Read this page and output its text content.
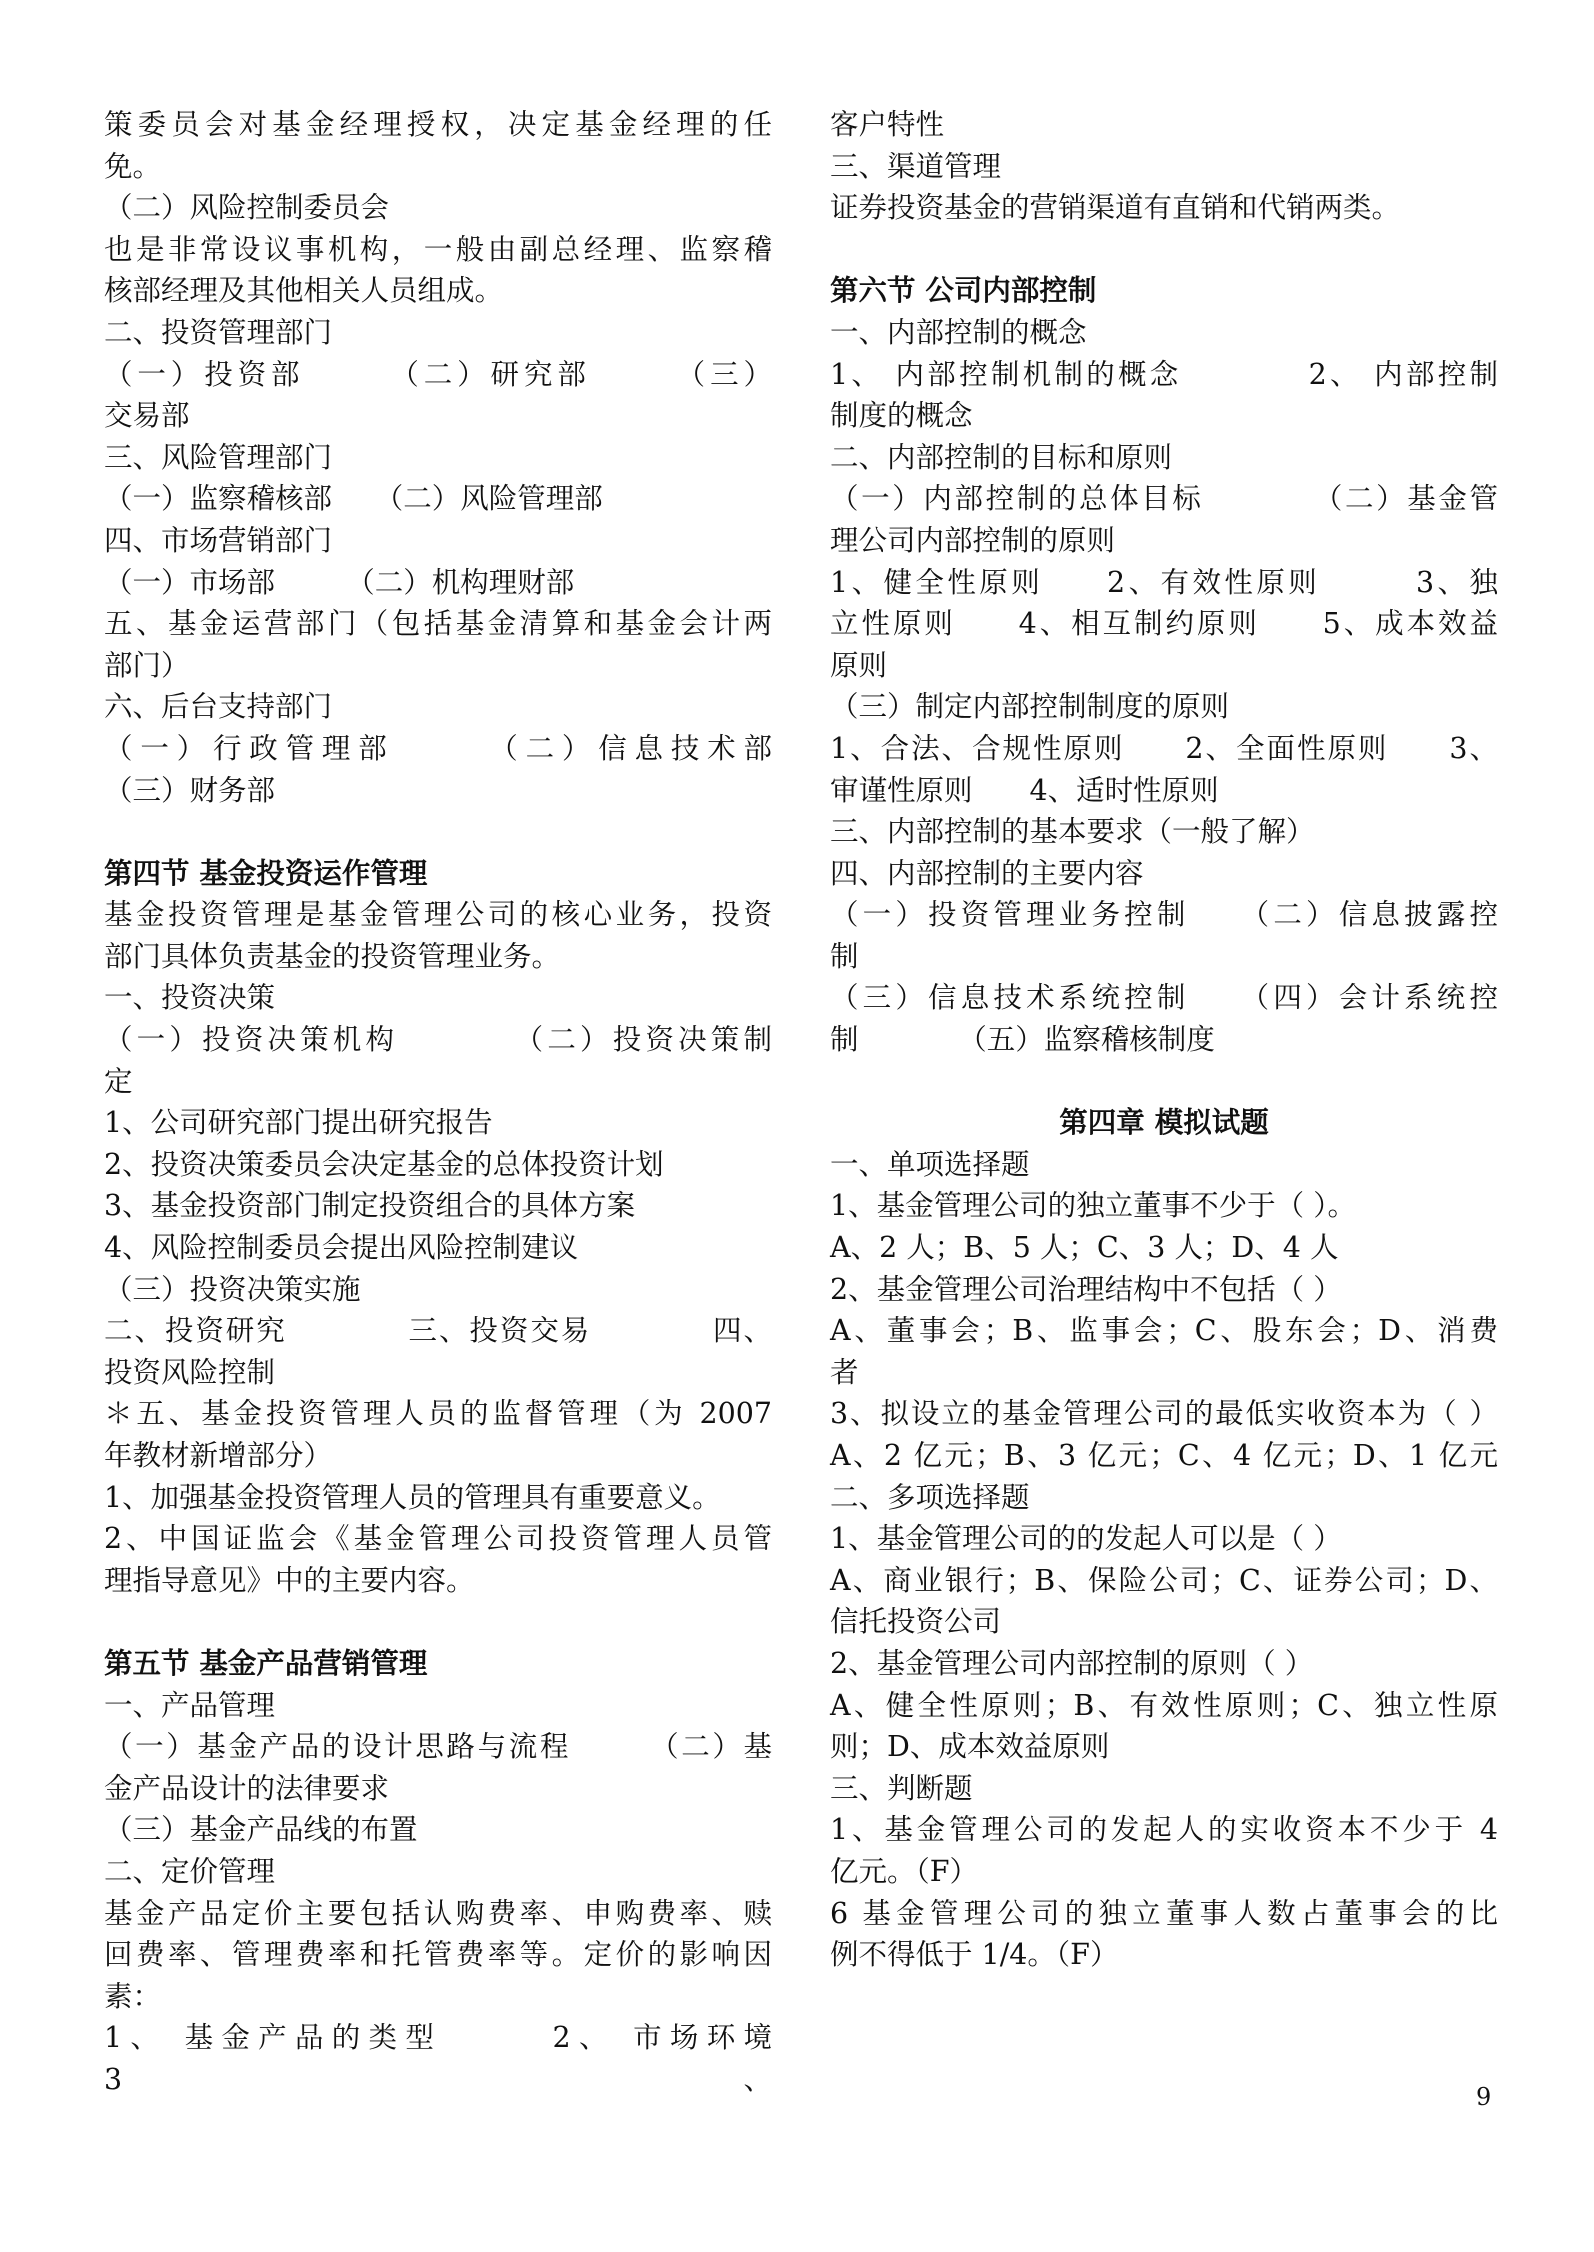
策委员会对基金经理授权，决定基金经理的任
免。
（二）风险控制委员会
也是非常设议事机构，一般由副总经理、监察稽
核部经理及其他相关人员组成。
二、投资管理部门
（一）投资部　　　（二）研究部　　　（三）
交易部
三、风险管理部门
（一）监察稽核部　　（二）风险管理部
四、市场营销部门
（一）市场部　　　（二）机构理财部
五、基金运营部门（包括基金清算和基金会计两
部门）
六、后台支持部门
（一）行政管理部　　　（二）信息技术部
（三）财务部
第四节 基金投资运作管理
基金投资管理是基金管理公司的核心业务，投资
部门具体负责基金的投资管理业务。
一、投资决策
（一）投资决策机构　　　　（二）投资决策制
定
1、公司研究部门提出研究报告
2、投资决策委员会决定基金的总体投资计划
3、基金投资部门制定投资组合的具体方案
4、风险控制委员会提出风险控制建议
（三）投资决策实施
二、投资研究　　　　三、投资交易　　　　四、
投资风险控制
＊五、基金投资管理人员的监督管理（为 2007
年教材新增部分）
1、加强基金投资管理人员的管理具有重要意义。
2、中国证监会《基金管理公司投资管理人员管
理指导意见》中的主要内容。
第五节 基金产品营销管理
一、产品管理
（一）基金产品的设计思路与流程　　　（二）基
金产品设计的法律要求
（三）基金产品线的布置
二、定价管理
基金产品定价主要包括认购费率、申购费率、赎
回费率、管理费率和托管费率等。定价的影响因
素：
1、 基金产品的类型　　　2、 市场环境　　　　3、
客户特性
三、渠道管理
证券投资基金的营销渠道有直销和代销两类。
第六节 公司内部控制
一、内部控制的概念
1、 内部控制机制的概念　　　　2、 内部控制
制度的概念
二、内部控制的目标和原则
（一）内部控制的总体目标　　　　（二）基金管
理公司内部控制的原则
1、健全性原则　　2、有效性原则　　　3、独
立性原则　　4、相互制约原则　　5、成本效益
原则
（三）制定内部控制制度的原则
1、合法、合规性原则　　2、全面性原则　　3、
审谨性原则　　4、适时性原则
三、内部控制的基本要求（一般了解）
四、内部控制的主要内容
（一）投资管理业务控制　　（二）信息披露控
制
（三）信息技术系统控制　　（四）会计系统控
制　　　　（五）监察稽核制度
第四章 模拟试题
一、单项选择题
1、基金管理公司的独立董事不少于（ ）。
A、2 人；B、5 人；C、3 人；D、4 人
2、基金管理公司治理结构中不包括（ ）
A、董事会；B、监事会；C、股东会；D、消费
者
3、拟设立的基金管理公司的最低实收资本为（ ）
A、2 亿元；B、3 亿元；C、4 亿元；D、1 亿元
二、多项选择题
1、基金管理公司的的发起人可以是（ ）
A、商业银行；B、保险公司；C、证券公司；D、
信托投资公司
2、基金管理公司内部控制的原则（ ）
A、健全性原则；B、有效性原则；C、独立性原
则；D、成本效益原则
三、判断题
1、基金管理公司的发起人的实收资本不少于 4
亿元。（F）
6 基金管理公司的独立董事人数占董事会的比
例不得低于 1/4。（F）
9
